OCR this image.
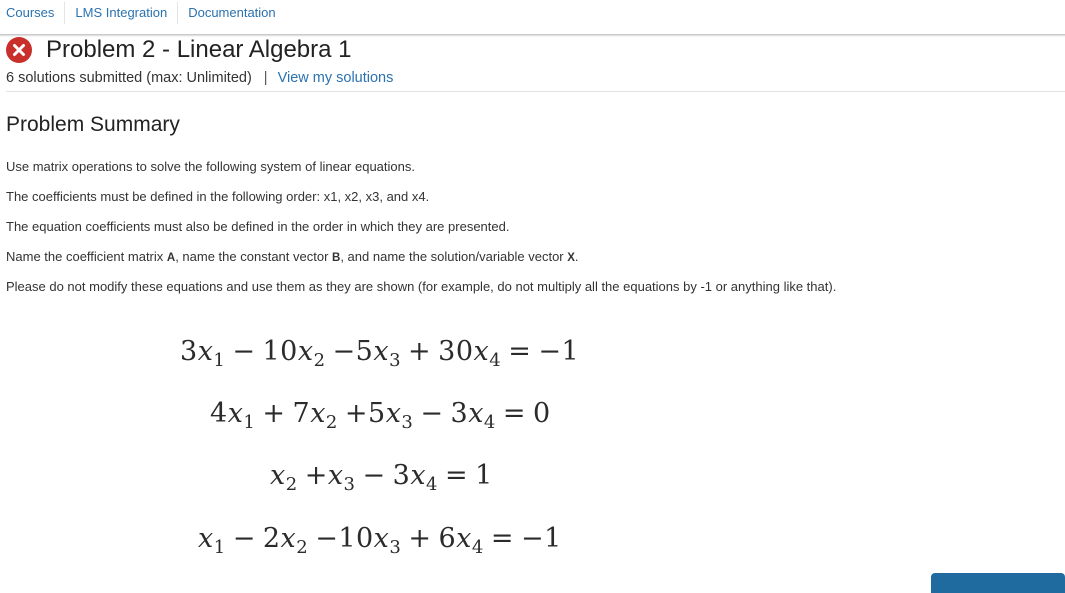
Courses	LMS Integration	Documentation
Problem 2 - Linear Algebra 1
6 solutions submitted (max: Unlimited) | View my solutions
Problem Summary

Use matrix operations to solve the following system of linear equations.

The coefficients must be defined in the following order: x1, x2, x3, and x4.

The equation coefficients must also be defined in the order in which they are presented.

Name the coefficient matrix A, name the constant vector B, and name the solution/variable vector X.

Please do not modify these equations and use them as they are shown (for example, do not multiply all the equations by -1 or anything like that).

$3x_1 - 10x_2 -5x_3 + 30x_4 = -1$
$4x_1 + 7x_2 +5x_3 - 3x_4 = 0$
$x_2 +x_3 - 3x_4 = 1$
$x_1 - 2x_2 -10x_3 + 6x_4 = -1$
